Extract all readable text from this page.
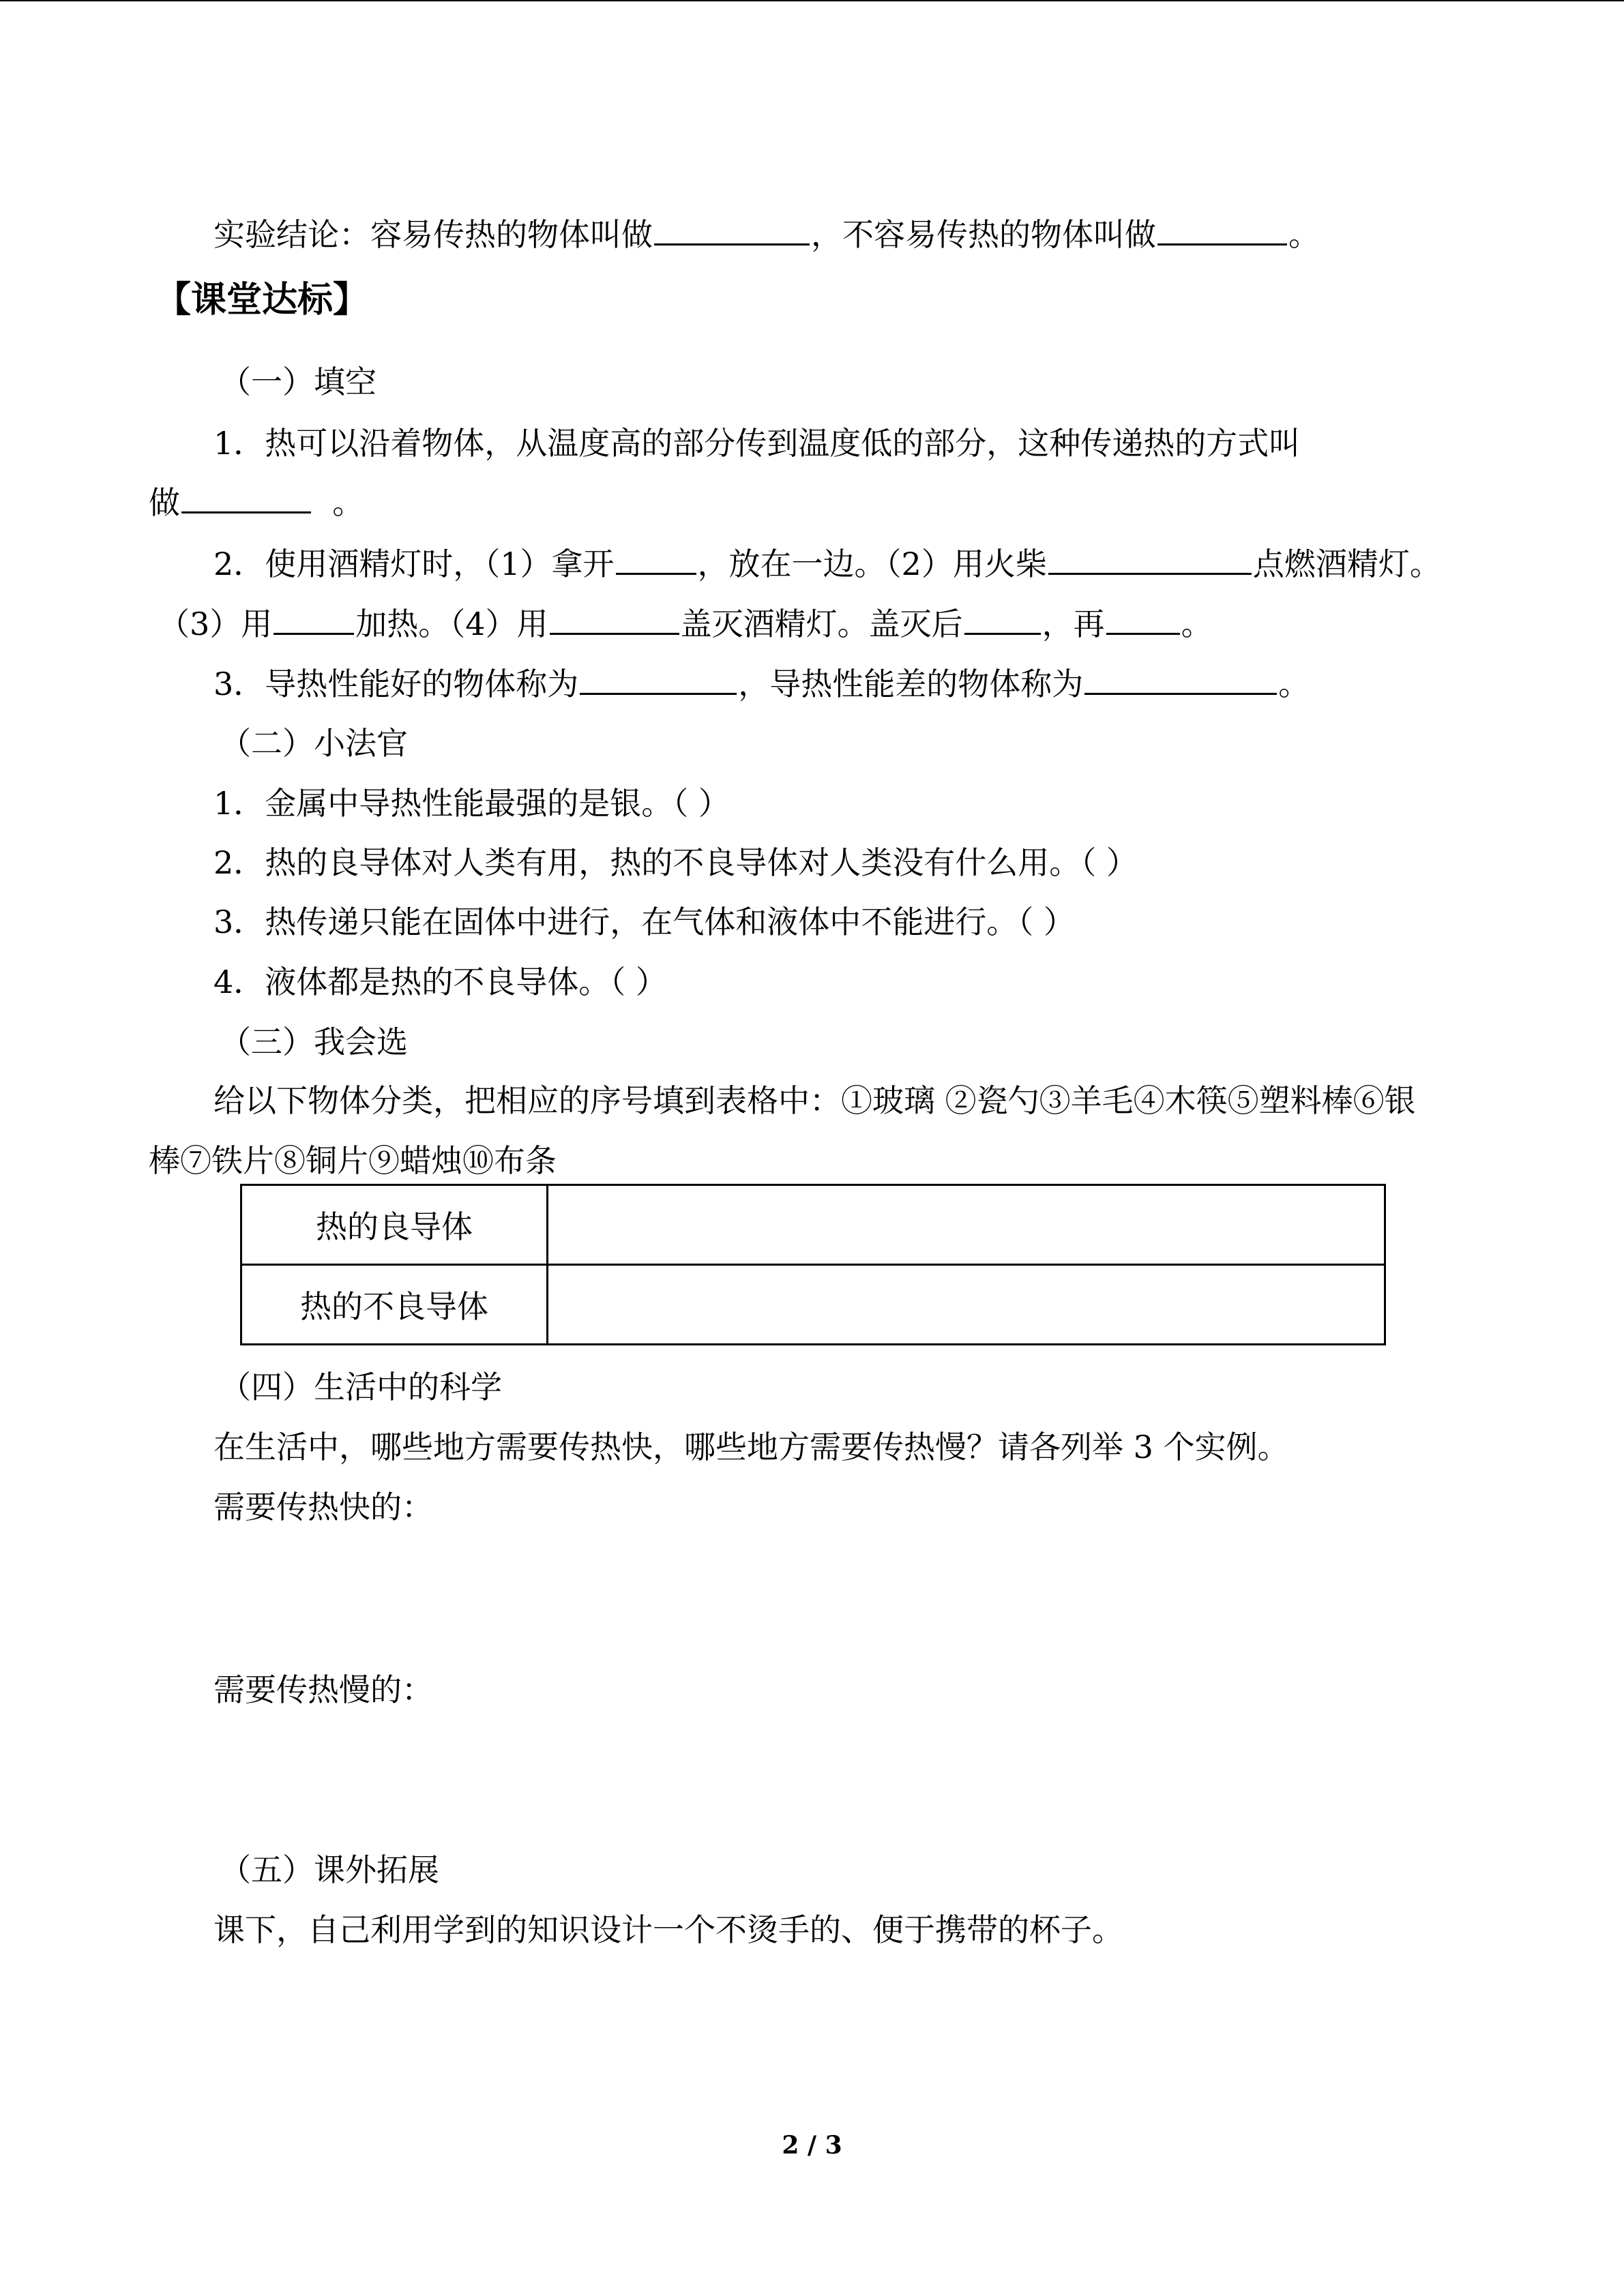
实验结论：容易传热的物体叫做	，不容易传热的物体叫做	。
【课堂达标】
（一）填空
1．热可以沿着物体，从温度高的部分传到温度低的部分，这种传递热的方式叫
做	。
2．使用酒精灯时，（1）拿开	，放在一边。（2）用火柴	点燃酒精灯。
（3）用	加热。（4）用	盖灭酒精灯。盖灭后	，再 。
3．导热性能好的物体称为	，导热性能差的物体称为	。
（二）小法官
1．金属中导热性能最强的是银。（ ）
2．热的良导体对人类有用，热的不良导体对人类没有什么用。（ ）
3．热传递只能在固体中进行，在气体和液体中不能进行。（ ）
4．液体都是热的不良导体。（ ）
（三）我会选
给以下物体分类，把相应的序号填到表格中：①玻璃 ②瓷勺③羊毛④木筷⑤塑料棒⑥银
棒⑦铁片⑧铜片⑨蜡烛⑩布条
热的良导体	
热的不良导体	
（四）生活中的科学
在生活中，哪些地方需要传热快，哪些地方需要传热慢？请各列举 3 个实例。
需要传热快的：
需要传热慢的：
（五）课外拓展
课下，自己利用学到的知识设计一个不烫手的、便于携带的杯子。
2 / 3
